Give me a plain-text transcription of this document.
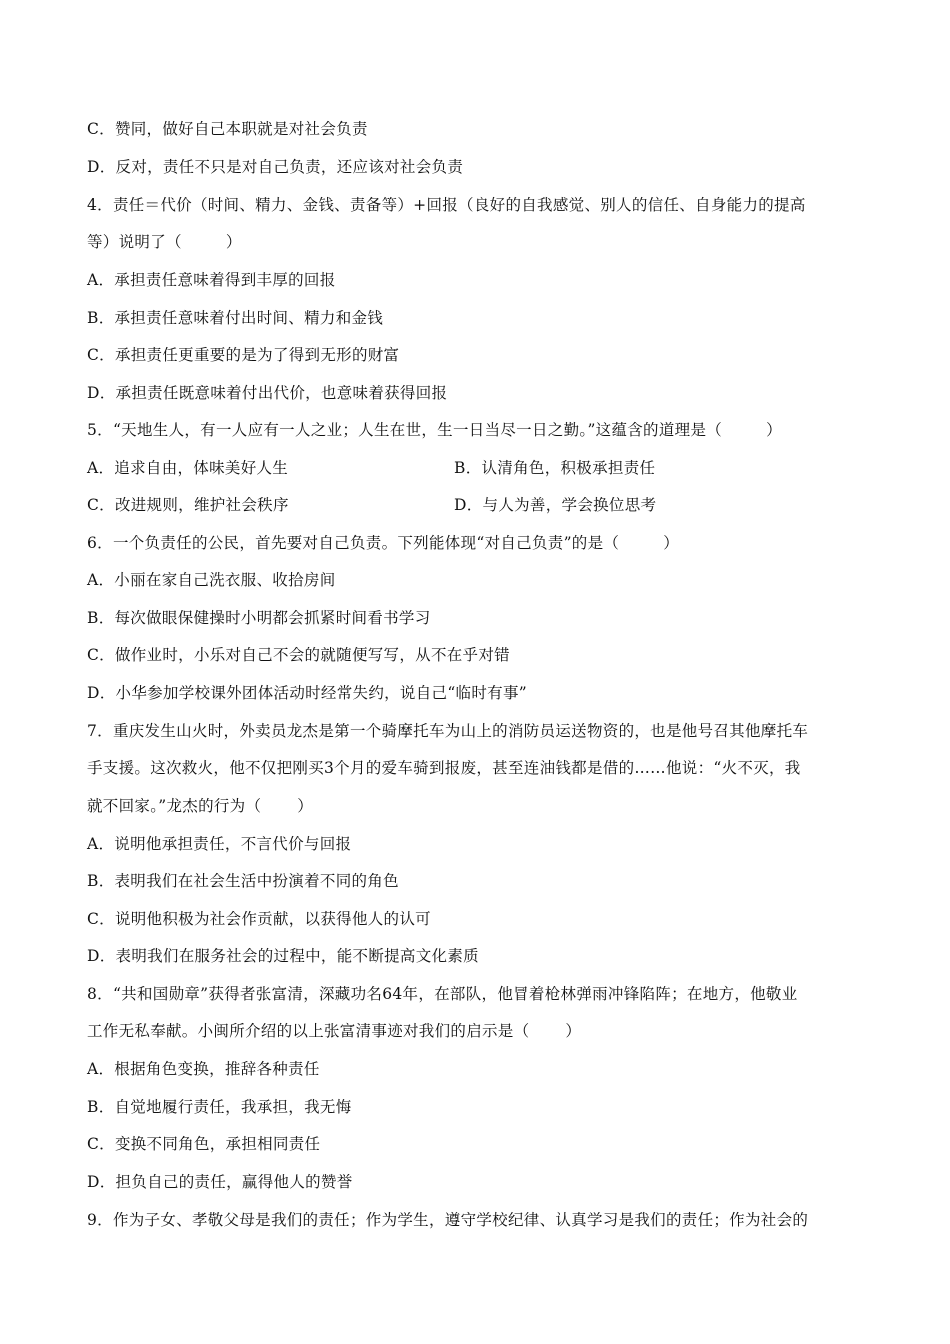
C．赞同，做好自己本职就是对社会负责
D．反对，责任不只是对自己负责，还应该对社会负责
4．责任＝代价（时间、精力、金钱、责备等）+回报（良好的自我感觉、别人的信任、自身能力的提高
等）说明了（	）
A．承担责任意味着得到丰厚的回报
B．承担责任意味着付出时间、精力和金钱
C．承担责任更重要的是为了得到无形的财富
D．承担责任既意味着付出代价，也意味着获得回报
5．“天地生人，有一人应有一人之业；人生在世，生一日当尽一日之勤。”这蕴含的道理是（	）
A．追求自由，体味美好人生	B．认清角色，积极承担责任
C．改进规则，维护社会秩序	D．与人为善，学会换位思考
6．一个负责任的公民，首先要对自己负责。下列能体现“对自己负责”的是（	）
A．小丽在家自己洗衣服、收拾房间
B．每次做眼保健操时小明都会抓紧时间看书学习
C．做作业时，小乐对自己不会的就随便写写，从不在乎对错
D．小华参加学校课外团体活动时经常失约，说自己“临时有事”
7．重庆发生山火时，外卖员龙杰是第一个骑摩托车为山上的消防员运送物资的，也是他号召其他摩托车
手支援。这次救火，他不仅把刚买3个月的爱车骑到报废，甚至连油钱都是借的……他说：“火不灭，我
就不回家。”龙杰的行为（ ）
A．说明他承担责任，不言代价与回报
B．表明我们在社会生活中扮演着不同的角色
C．说明他积极为社会作贡献，以获得他人的认可
D．表明我们在服务社会的过程中，能不断提高文化素质
8．“共和国勋章”获得者张富清，深藏功名64年，在部队，他冒着枪林弹雨冲锋陷阵；在地方，他敬业
工作无私奉献。小闽所介绍的以上张富清事迹对我们的启示是（ ）
A．根据角色变换，推辞各种责任
B．自觉地履行责任，我承担，我无悔
C．变换不同角色，承担相同责任
D．担负自己的责任，赢得他人的赞誉
9．作为子女、孝敬父母是我们的责任；作为学生，遵守学校纪律、认真学习是我们的责任；作为社会的
